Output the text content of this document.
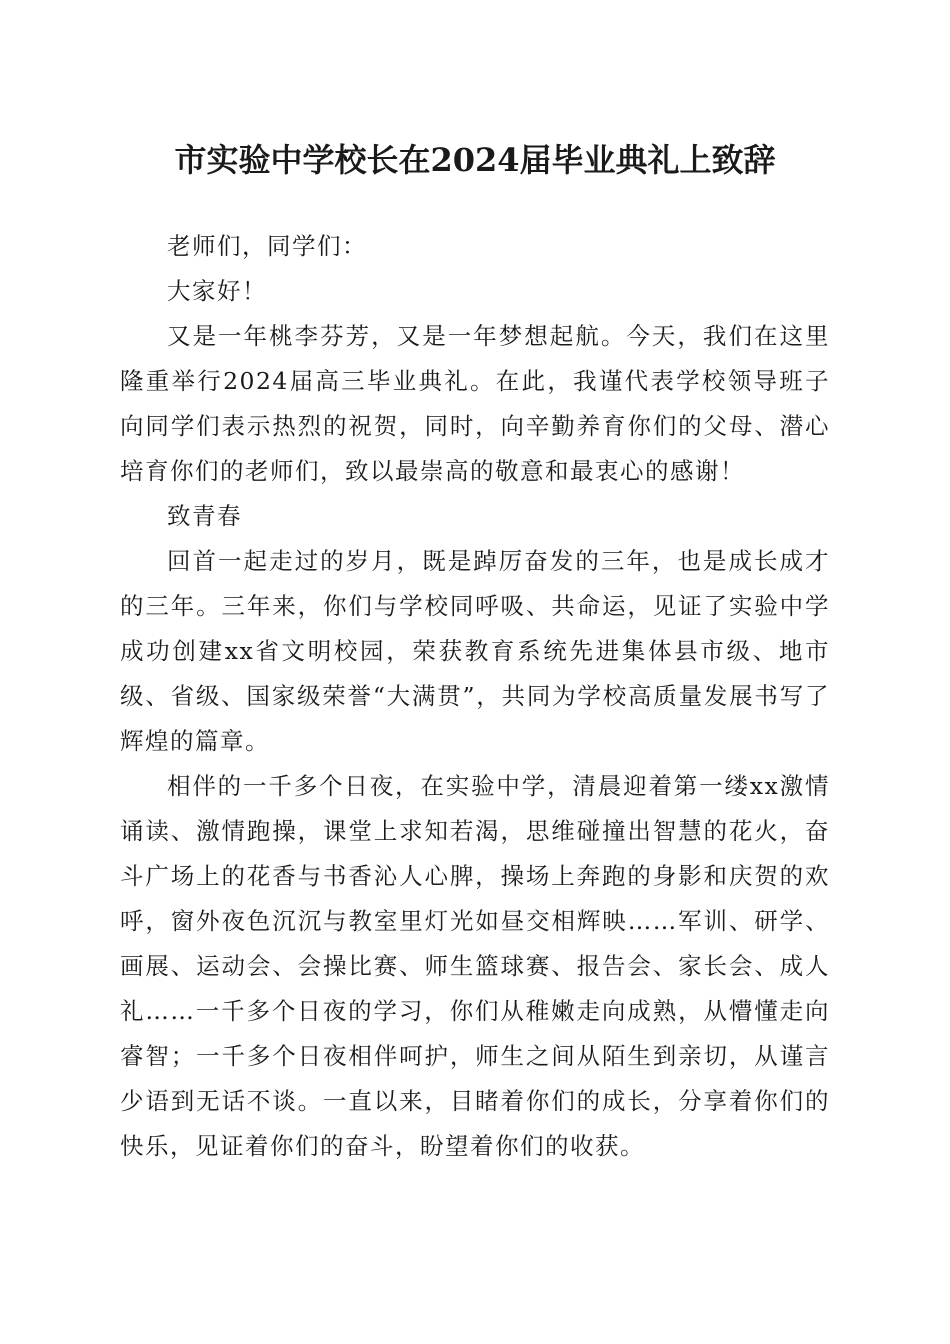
市实验中学校长在2024届毕业典礼上致辞

老师们，同学们：

大家好！

又是一年桃李芬芳，又是一年梦想起航。今天，我们在这里隆重举行2024届高三毕业典礼。在此，我谨代表学校领导班子向同学们表示热烈的祝贺，同时，向辛勤养育你们的父母、潜心培育你们的老师们，致以最崇高的敬意和最衷心的感谢！

致青春

回首一起走过的岁月，既是踔厉奋发的三年，也是成长成才的三年。三年来，你们与学校同呼吸、共命运，见证了实验中学成功创建xx省文明校园，荣获教育系统先进集体县市级、地市级、省级、国家级荣誉“大满贯”，共同为学校高质量发展书写了辉煌的篇章。

相伴的一千多个日夜，在实验中学，清晨迎着第一缕xx激情诵读、激情跑操，课堂上求知若渴，思维碰撞出智慧的花火，奋斗广场上的花香与书香沁人心脾，操场上奔跑的身影和庆贺的欢呼，窗外夜色沉沉与教室里灯光如昼交相辉映……军训、研学、画展、运动会、会操比赛、师生篮球赛、报告会、家长会、成人礼……一千多个日夜的学习，你们从稚嫩走向成熟，从懵懂走向睿智；一千多个日夜相伴呵护，师生之间从陌生到亲切，从谨言少语到无话不谈。一直以来，目睹着你们的成长，分享着你们的快乐，见证着你们的奋斗，盼望着你们的收获。
